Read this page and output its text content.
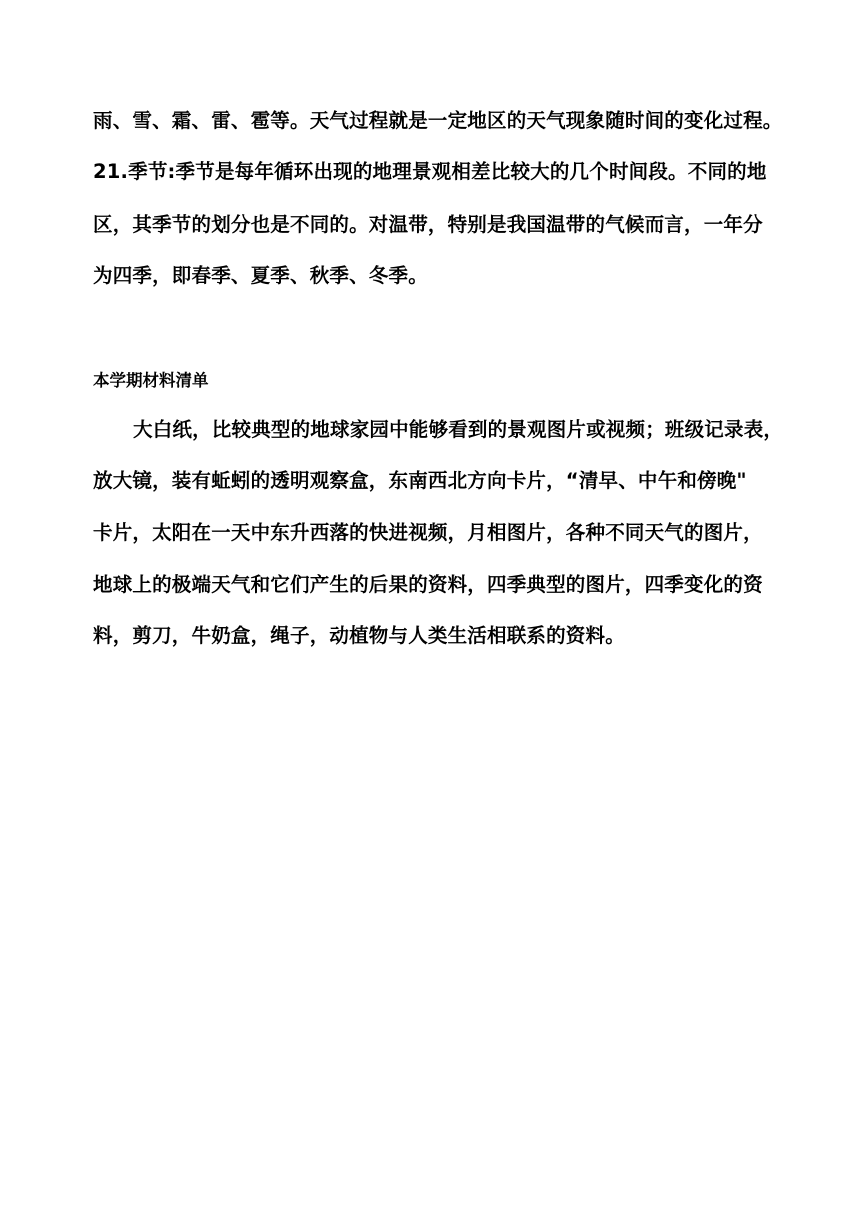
雨、雪、霜、雷、雹等。天气过程就是一定地区的天气现象随时间的变化过程。
21.季节:季节是每年循环出现的地理景观相差比较大的几个时间段。不同的地
区，其季节的划分也是不同的。对温带，特别是我国温带的气候而言，一年分
为四季，即春季、夏季、秋季、冬季。
本学期材料清单
大白纸，比较典型的地球家园中能够看到的景观图片或视频；班级记录表，
放大镜，装有蚯蚓的透明观察盒，东南西北方向卡片，“清早、中午和傍晚"
卡片，太阳在一天中东升西落的快进视频，月相图片，各种不同天气的图片，
地球上的极端天气和它们产生的后果的资料，四季典型的图片，四季变化的资
料，剪刀，牛奶盒，绳子，动植物与人类生活相联系的资料。
